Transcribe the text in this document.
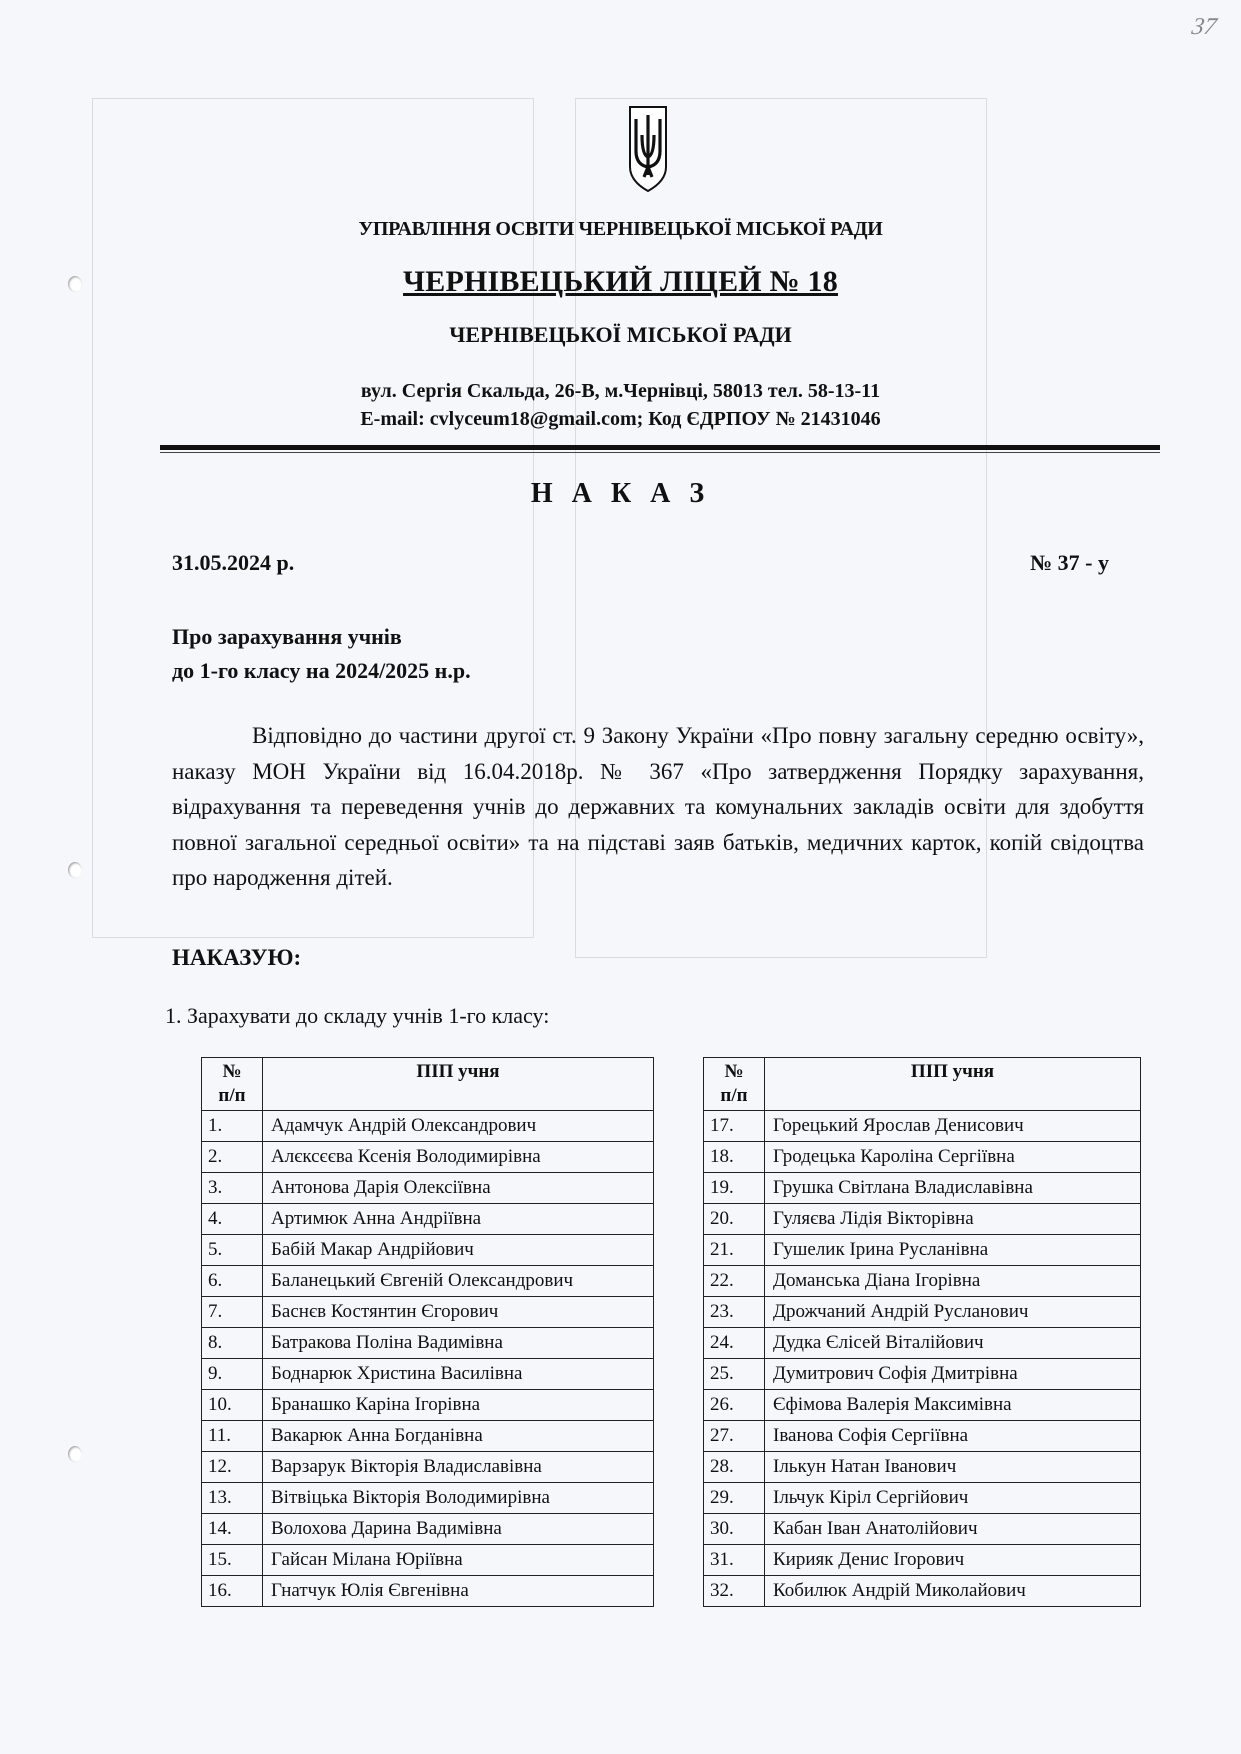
37
УПРАВЛІННЯ ОСВІТИ ЧЕРНІВЕЦЬКОЇ МІСЬКОЇ РАДИ
ЧЕРНІВЕЦЬКИЙ ЛІЦЕЙ № 18
ЧЕРНІВЕЦЬКОЇ МІСЬКОЇ РАДИ
вул. Сергія Скальда, 26-В, м.Чернівці, 58013 тел. 58-13-11
E-mail: cvlyceum18@gmail.com; Код ЄДРПОУ № 21431046
Н А К А З
31.05.2024 р.	№ 37 - у
Про зарахування учнів
до 1-го класу на 2024/2025 н.р.
Відповідно до частини другої ст. 9 Закону України «Про повну загальну середню освіту», наказу МОН України від 16.04.2018р. № 367 «Про затвердження Порядку зарахування, відрахування та переведення учнів до державних та комунальних закладів освіти для здобуття повної загальної середньої освіти» та на підставі заяв батьків, медичних карток, копій свідоцтва про народження дітей.
НАКАЗУЮ:
1. Зарахувати до складу учнів 1-го класу:
№
п/п	ПІП учня
1.	Адамчук Андрій Олександрович
2.	Алєксєєва Ксенія Володимирівна
3.	Антонова Дарія Олексіївна
4.	Артимюк Анна Андріївна
5.	Бабій Макар Андрійович
6.	Баланецький Євгеній Олександрович
7.	Баснєв Костянтин Єгорович
8.	Батракова Поліна Вадимівна
9.	Боднарюк Христина Василівна
10.	Бранашко Каріна Ігорівна
11.	Вакарюк Анна Богданівна
12.	Варзарук Вікторія Владиславівна
13.	Вітвіцька Вікторія Володимирівна
14.	Волохова Дарина Вадимівна
15.	Гайсан Мілана Юріївна
16.	Гнатчук Юлія Євгенівна
№
п/п	ПІП учня
17.	Горецький Ярослав Денисович
18.	Гродецька Кароліна Сергіївна
19.	Грушка Світлана Владиславівна
20.	Гуляєва Лідія Вікторівна
21.	Гушелик Ірина Русланівна
22.	Доманська Діана Ігорівна
23.	Дрожчаний Андрій Русланович
24.	Дудка Єлісей Віталійович
25.	Думитрович Софія Дмитрівна
26.	Єфімова Валерія Максимівна
27.	Іванова Софія Сергіївна
28.	Ількун Натан Іванович
29.	Ільчук Кіріл Сергійович
30.	Кабан Іван Анатолійович
31.	Кирияк Денис Ігорович
32.	Кобилюк Андрій Миколайович
